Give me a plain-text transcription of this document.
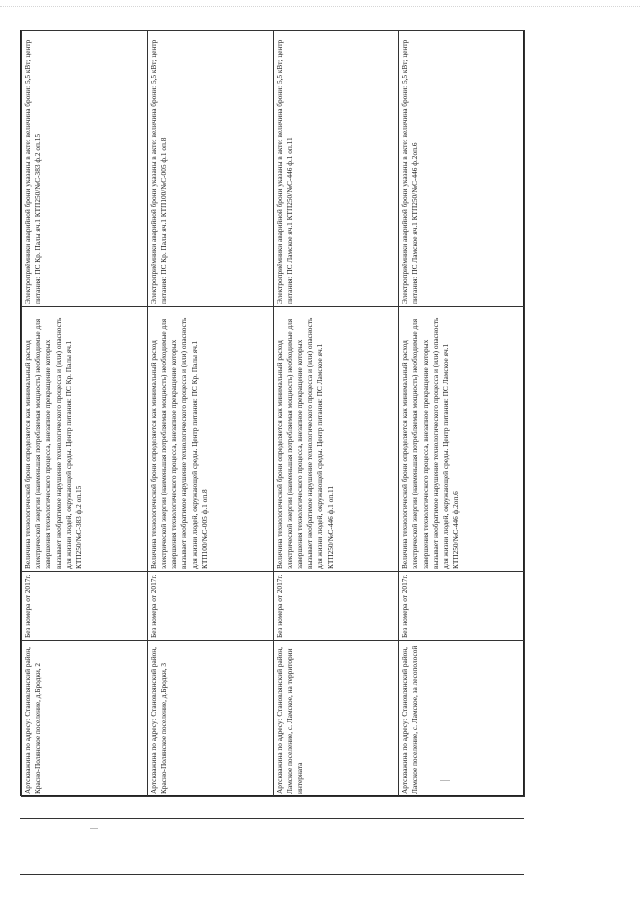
Артскважина по адресу: Становлянский район, Красно-Полянское поселение, д.Бродки, 2	Без номера от 2017г.	Величина технологической брони определяется как минимальный расход электрической энергии (наименьшая потребляемая мощность) необходимые для завершения технологического процесса, внезапное прекращение которых вызывает необратимое нарушение технологического процесса и (или) опасность для жизни людей, окружающей среды. Центр питания: ПС Кр. Палы яч.1 КТП250/№С-383 ф.2 оп.15	Электроприёмники аварийной брони указаны в акте: величина брони: 5,5 кВт; центр питания: ПС Кр. Палы яч.1 КТП250/№С-383 ф.2 оп.15
Артскважина по адресу: Становлянский район, Красно-Полянское поселение, д.Бродки, 3	Без номера от 2017г.	Величина технологической брони определяется как минимальный расход электрической энергии (наименьшая потребляемая мощность) необходимые для завершения технологического процесса, внезапное прекращение которых вызывает необратимое нарушение технологического процесса и (или) опасность для жизни людей, окружающей среды. Центр питания: ПС Кр. Палы яч.1 КТП100/№С-005 ф.1 оп.8	Электроприёмники аварийной брони указаны в акте: величина брони: 5,5 кВт; центр питания: ПС Кр. Палы яч.1 КТП100/№С-005 ф.1 оп.8
Артскважина по адресу: Становлянский район, Ламское поселение, с. Ламское, на территории интерната	Без номера от 2017г.	Величина технологической брони определяется как минимальный расход электрической энергии (наименьшая потребляемая мощность) необходимые для завершения технологического процесса, внезапное прекращение которых вызывает необратимое нарушение технологического процесса и (или) опасность для жизни людей, окружающей среды. Центр питания: ПС Ламское яч.1 КТП250/№С-446 ф.1 оп.11	Электроприёмники аварийной брони указаны в акте: величина брони: 5,5 кВт; центр питания: ПС Ламское яч.1 КТП250/№С-446 ф.1 оп.11
Артскважина по адресу: Становлянский район, Ламское поселение, с. Ламское, за лесополосой	Без номера от 2017г.	Величина технологической брони определяется как минимальный расход электрической энергии (наименьшая потребляемая мощность) необходимые для завершения технологического процесса, внезапное прекращение которых вызывает необратимое нарушение технологического процесса и (или) опасность для жизни людей, окружающей среды. Центр питания: ПС Ламское яч.1 КТП250/№С-446 ф.2оп.6	Электроприёмники аварийной брони указаны в акте: величина брони: 5,5 кВт; центр питания: ПС Ламское яч.1 КТП250/№С-446 ф.2оп.6
